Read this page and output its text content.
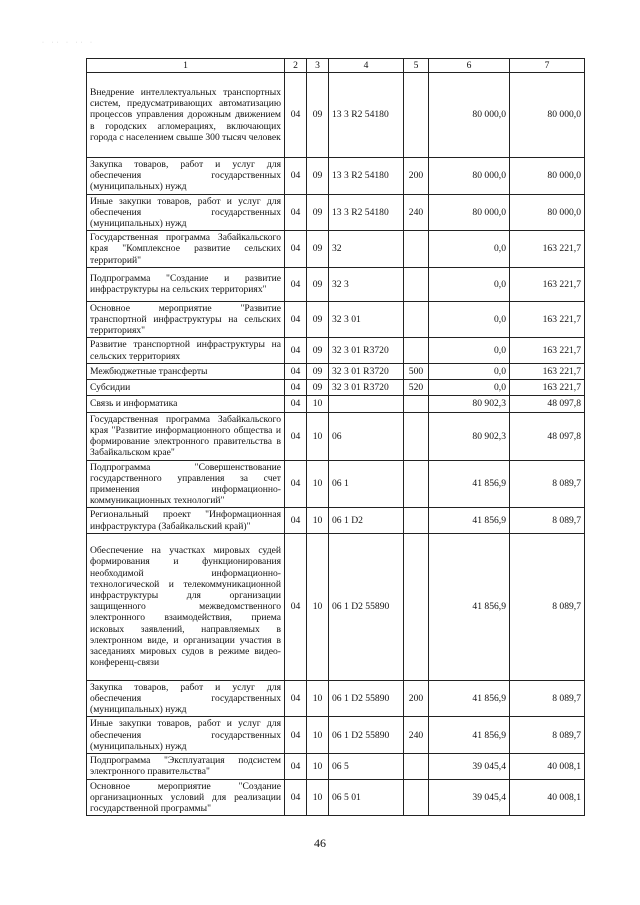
· ·· · ·· ·
1	2	3	4	5	6	7
Внедрение интеллектуальных транспортных систем, предусматривающих автоматизацию процессов управления дорожным движением в городских агломерациях, включающих города с населением свыше 300 тысяч человек	04	09	13 3 R2 54180		80 000,0	80 000,0
Закупка товаров, работ и услуг для обеспечения государственных (муниципальных) нужд	04	09	13 3 R2 54180	200	80 000,0	80 000,0
Иные закупки товаров, работ и услуг для обеспечения государственных (муниципальных) нужд	04	09	13 3 R2 54180	240	80 000,0	80 000,0
Государственная программа Забайкальского края "Комплексное развитие сельских территорий"	04	09	32		0,0	163 221,7
Подпрограмма "Создание и развитие инфраструктуры на сельских территориях"	04	09	32 3		0,0	163 221,7
Основное мероприятие "Развитие транспортной инфраструктуры на сельских территориях"	04	09	32 3 01		0,0	163 221,7
Развитие транспортной инфраструктуры на сельских территориях	04	09	32 3 01 R3720		0,0	163 221,7
Межбюджетные трансферты	04	09	32 3 01 R3720	500	0,0	163 221,7
Субсидии	04	09	32 3 01 R3720	520	0,0	163 221,7
Связь и информатика	04	10			80 902,3	48 097,8
Государственная программа Забайкальского края "Развитие информационного общества и формирование электронного правительства в Забайкальском крае"	04	10	06		80 902,3	48 097,8
Подпрограмма "Совершенствование государственного управления за счет применения информационно-коммуникационных технологий"	04	10	06 1		41 856,9	8 089,7
Региональный проект "Информационная инфраструктура (Забайкальский край)"	04	10	06 1 D2		41 856,9	8 089,7
Обеспечение на участках мировых судей формирования и функционирования необходимой информационно-технологической и телекоммуникационной инфраструктуры для организации защищенного межведомственного электронного взаимодействия, приема исковых заявлений, направляемых в электронном виде, и организации участия в заседаниях мировых судов в режиме видео-конференц-связи	04	10	06 1 D2 55890		41 856,9	8 089,7
Закупка товаров, работ и услуг для обеспечения государственных (муниципальных) нужд	04	10	06 1 D2 55890	200	41 856,9	8 089,7
Иные закупки товаров, работ и услуг для обеспечения государственных (муниципальных) нужд	04	10	06 1 D2 55890	240	41 856,9	8 089,7
Подпрограмма "Эксплуатация подсистем электронного правительства"	04	10	06 5		39 045,4	40 008,1
Основное мероприятие "Создание организационных условий для реализации государственной программы"	04	10	06 5 01		39 045,4	40 008,1
46
